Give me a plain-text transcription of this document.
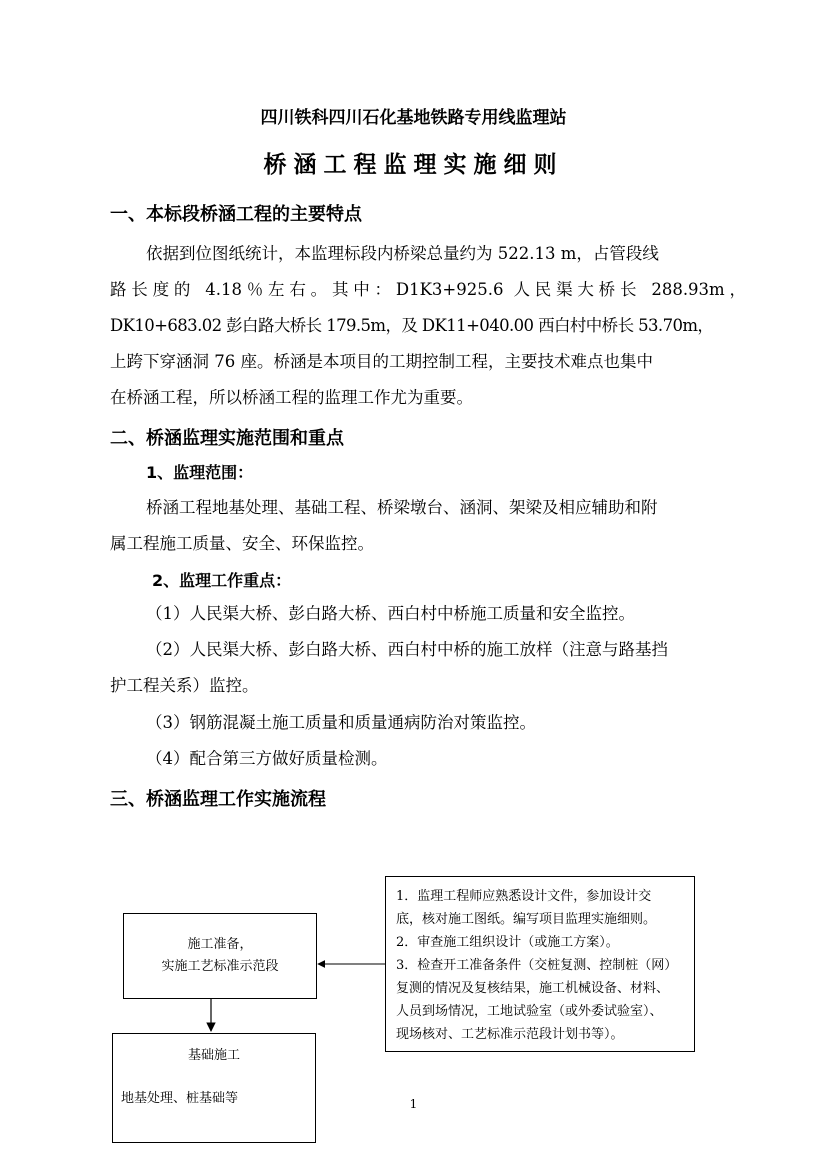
四川铁科四川石化基地铁路专用线监理站
桥涵工程监理实施细则
一、本标段桥涵工程的主要特点
依据到位图纸统计，本监理标段内桥梁总量约为 522.13 m，占管段线
路长度的 4.18％左右。其中：D1K3+925.6 人民渠大桥长 288.93m，
DK10+683.02 彭白路大桥长 179.5m，及 DK11+040.00 西白村中桥长 53.70m，
上跨下穿涵洞 76 座。桥涵是本项目的工期控制工程，主要技术难点也集中
在桥涵工程，所以桥涵工程的监理工作尤为重要。
二、桥涵监理实施范围和重点
1、监理范围：
桥涵工程地基处理、基础工程、桥梁墩台、涵洞、架梁及相应辅助和附
属工程施工质量、安全、环保监控。
2、监理工作重点：
（1）人民渠大桥、彭白路大桥、西白村中桥施工质量和安全监控。
（2）人民渠大桥、彭白路大桥、西白村中桥的施工放样（注意与路基挡
护工程关系）监控。
（3）钢筋混凝土施工质量和质量通病防治对策监控。
（4）配合第三方做好质量检测。
三、桥涵监理工作实施流程
1．监理工程师应熟悉设计文件，参加设计交
底，核对施工图纸。编写项目监理实施细则。
2．审查施工组织设计（或施工方案）。
3．检查开工准备条件（交桩复测、控制桩（网）
复测的情况及复核结果，施工机械设备、材料、
人员到场情况，工地试验室（或外委试验室）、
现场核对、工艺标准示范段计划书等）。
施工准备，
实施工艺标准示范段
基础施工
地基处理、桩基础等	1
